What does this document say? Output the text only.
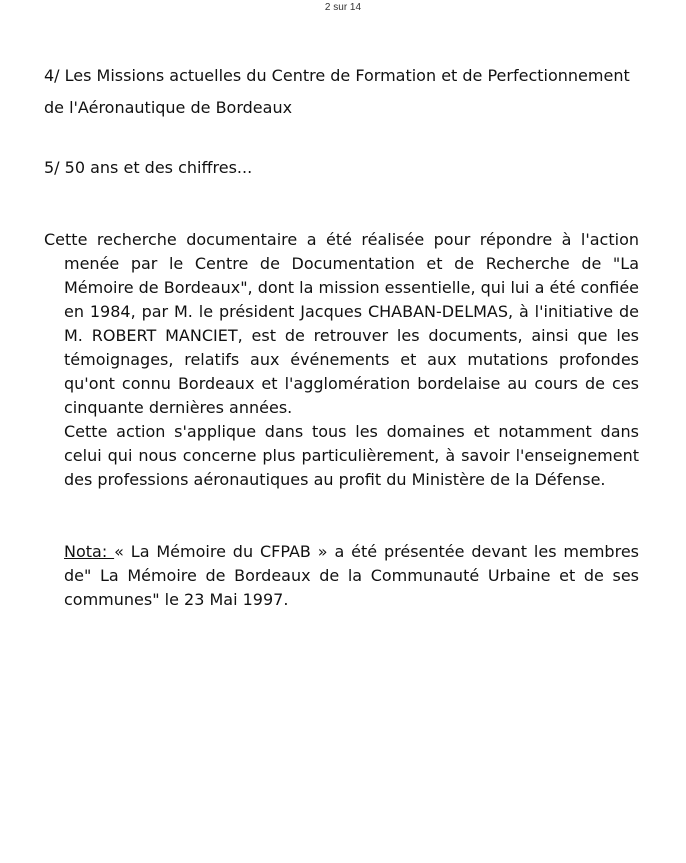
2 sur 14

4/ Les Missions actuelles du Centre de Formation et de Perfectionnement

de l'Aéronautique de Bordeaux

5/ 50 ans et des chiffres...

Cette recherche documentaire a été réalisée pour répondre à l'action menée par le Centre de Documentation et de Recherche de "La Mémoire de Bordeaux", dont la mission essentielle, qui lui a été confiée en 1984, par M. le président Jacques CHABAN-DELMAS, à l'initiative de M. ROBERT MANCIET, est de retrouver les documents, ainsi que les témoignages, relatifs aux événements et aux mutations profondes qu'ont connu Bordeaux et l'agglomération bordelaise au cours de ces cinquante dernières années.

Cette action s'applique dans tous les domaines et notamment dans celui qui nous concerne plus particulièrement, à savoir l'enseignement des professions aéronautiques au profit du Ministère de la Défense.

Nota: « La Mémoire du CFPAB » a été présentée devant les membres de" La Mémoire de Bordeaux de la Communauté Urbaine et de ses communes" le 23 Mai 1997.
